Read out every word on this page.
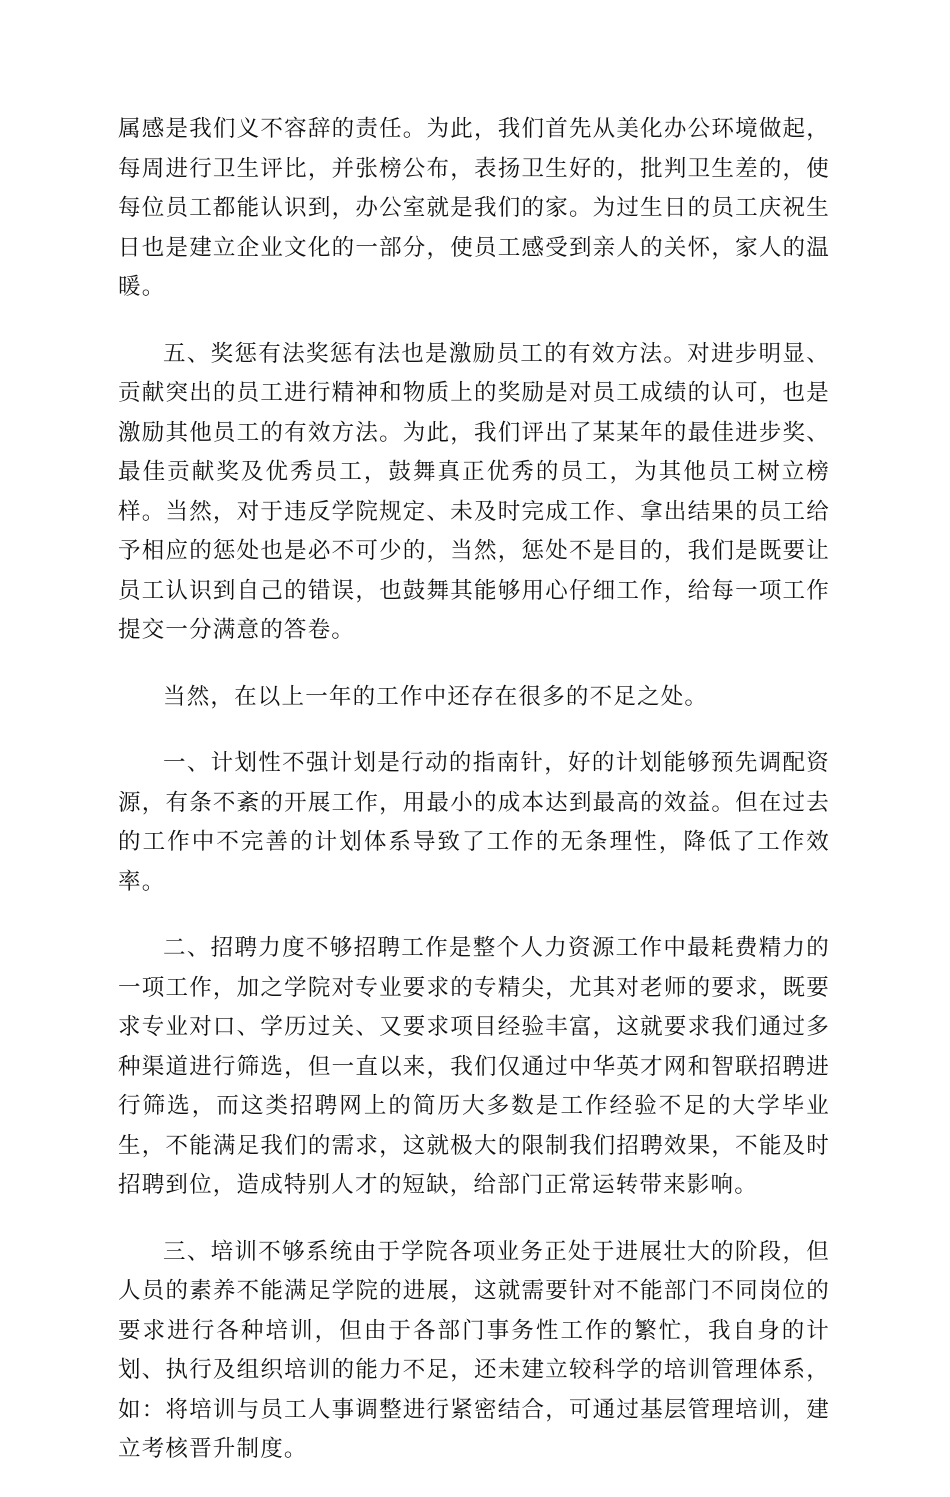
属感是我们义不容辞的责任。为此，我们首先从美化办公环境做起，每周进行卫生评比，并张榜公布，表扬卫生好的，批判卫生差的，使每位员工都能认识到，办公室就是我们的家。为过生日的员工庆祝生日也是建立企业文化的一部分，使员工感受到亲人的关怀，家人的温暖。

五、奖惩有法奖惩有法也是激励员工的有效方法。对进步明显、贡献突出的员工进行精神和物质上的奖励是对员工成绩的认可，也是激励其他员工的有效方法。为此，我们评出了某某年的最佳进步奖、最佳贡献奖及优秀员工，鼓舞真正优秀的员工，为其他员工树立榜样。当然，对于违反学院规定、未及时完成工作、拿出结果的员工给予相应的惩处也是必不可少的，当然，惩处不是目的，我们是既要让员工认识到自己的错误，也鼓舞其能够用心仔细工作，给每一项工作提交一分满意的答卷。

当然，在以上一年的工作中还存在很多的不足之处。

一、计划性不强计划是行动的指南针，好的计划能够预先调配资源，有条不紊的开展工作，用最小的成本达到最高的效益。但在过去的工作中不完善的计划体系导致了工作的无条理性，降低了工作效率。

二、招聘力度不够招聘工作是整个人力资源工作中最耗费精力的一项工作，加之学院对专业要求的专精尖，尤其对老师的要求，既要求专业对口、学历过关、又要求项目经验丰富，这就要求我们通过多种渠道进行筛选，但一直以来，我们仅通过中华英才网和智联招聘进行筛选，而这类招聘网上的简历大多数是工作经验不足的大学毕业生，不能满足我们的需求，这就极大的限制我们招聘效果，不能及时招聘到位，造成特别人才的短缺，给部门正常运转带来影响。

三、培训不够系统由于学院各项业务正处于进展壮大的阶段，但人员的素养不能满足学院的进展，这就需要针对不能部门不同岗位的要求进行各种培训，但由于各部门事务性工作的繁忙，我自身的计划、执行及组织培训的能力不足，还未建立较科学的培训管理体系，如：将培训与员工人事调整进行紧密结合，可通过基层管理培训，建立考核晋升制度。
